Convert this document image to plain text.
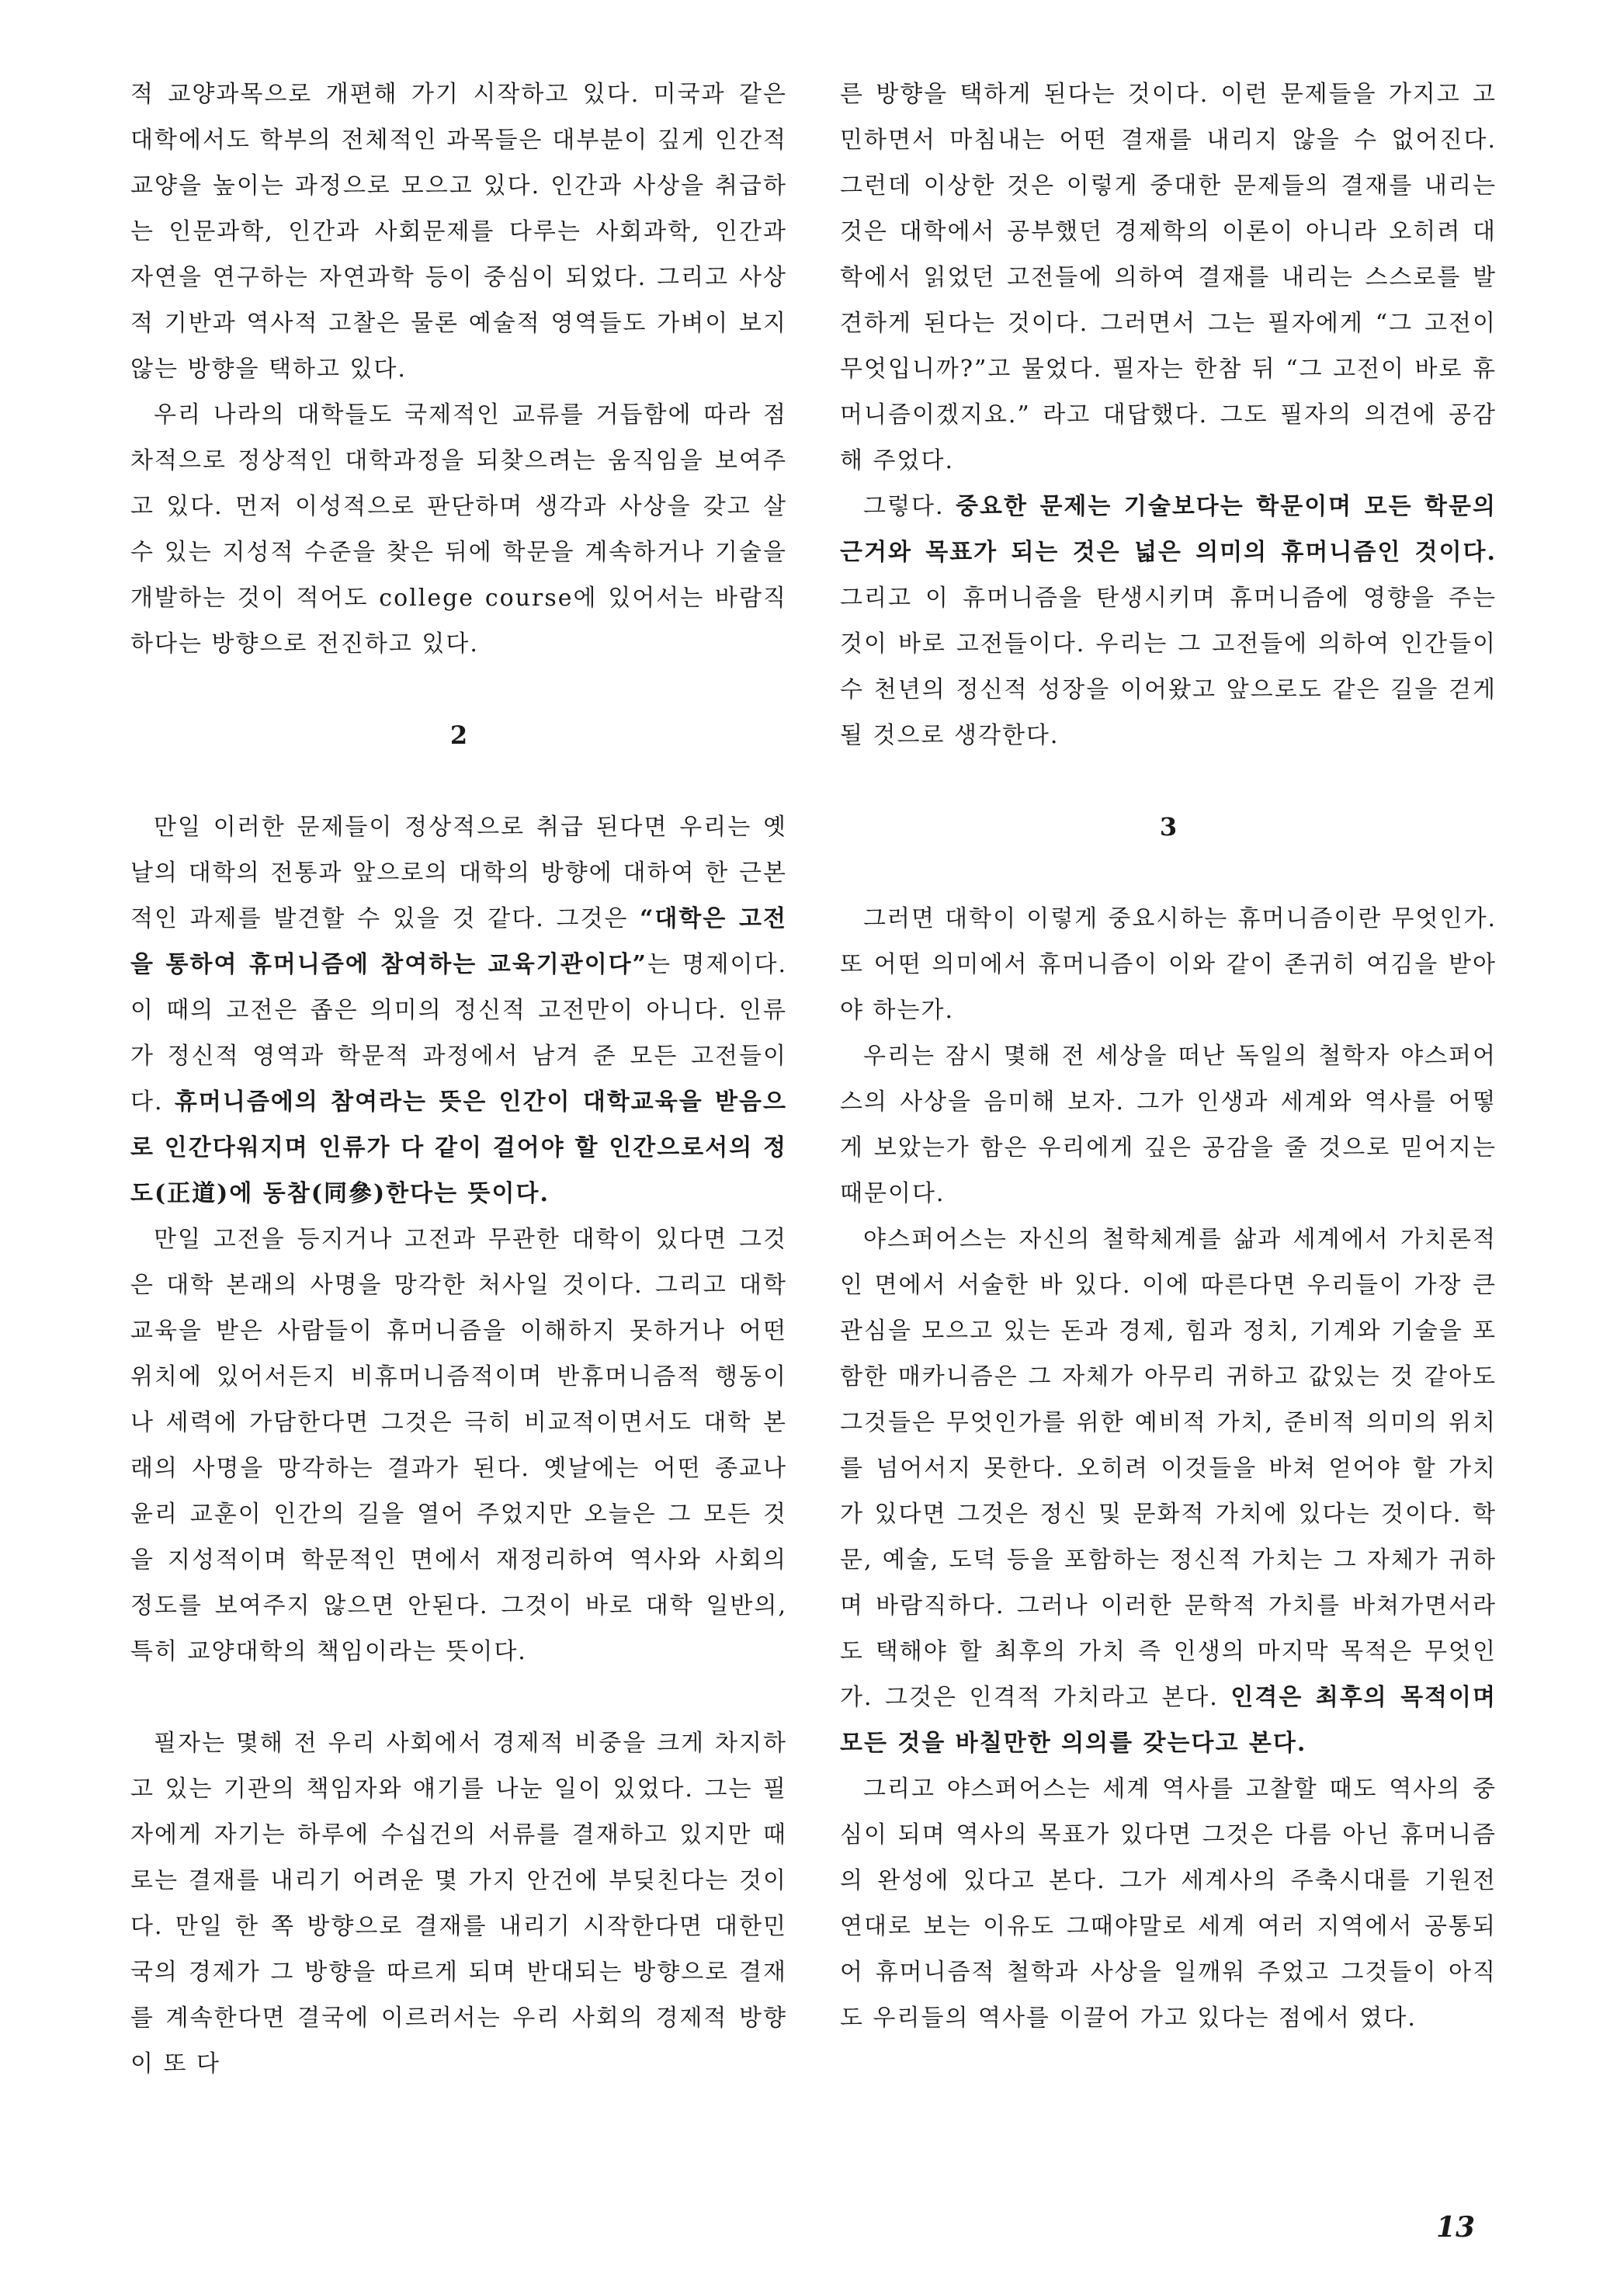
적 교양과목으로 개편해 가기 시작하고 있다. 미국과 같은 대학에서도 학부의 전체적인 과목들은 대부분이 깊게 인간적 교양을 높이는 과정으로 모으고 있다. 인간과 사상을 취급하는 인문과학, 인간과 사회문제를 다루는 사회과학, 인간과 자연을 연구하는 자연과학 등이 중심이 되었다. 그리고 사상적 기반과 역사적 고찰은 물론 예술적 영역들도 가벼이 보지 않는 방향을 택하고 있다.

우리 나라의 대학들도 국제적인 교류를 거듭함에 따라 점차적으로 정상적인 대학과정을 되찾으려는 움직임을 보여주고 있다. 먼저 이성적으로 판단하며 생각과 사상을 갖고 살 수 있는 지성적 수준을 찾은 뒤에 학문을 계속하거나 기술을 개발하는 것이 적어도 college course에 있어서는 바람직하다는 방향으로 전진하고 있다.

2

만일 이러한 문제들이 정상적으로 취급 된다면 우리는 옛날의 대학의 전통과 앞으로의 대학의 방향에 대하여 한 근본적인 과제를 발견할 수 있을 것 같다. 그것은 “대학은 고전을 통하여 휴머니즘에 참여하는 교육기관이다”는 명제이다. 이 때의 고전은 좁은 의미의 정신적 고전만이 아니다. 인류가 정신적 영역과 학문적 과정에서 남겨 준 모든 고전들이다. 휴머니즘에의 참여라는 뜻은 인간이 대학교육을 받음으로 인간다워지며 인류가 다 같이 걸어야 할 인간으로서의 정도(正道)에 동참(同參)한다는 뜻이다.

만일 고전을 등지거나 고전과 무관한 대학이 있다면 그것은 대학 본래의 사명을 망각한 처사일 것이다. 그리고 대학교육을 받은 사람들이 휴머니즘을 이해하지 못하거나 어떤 위치에 있어서든지 비휴머니즘적이며 반휴머니즘적 행동이나 세력에 가담한다면 그것은 극히 비교적이면서도 대학 본래의 사명을 망각하는 결과가 된다. 옛날에는 어떤 종교나 윤리 교훈이 인간의 길을 열어 주었지만 오늘은 그 모든 것을 지성적이며 학문적인 면에서 재정리하여 역사와 사회의 정도를 보여주지 않으면 안된다. 그것이 바로 대학 일반의, 특히 교양대학의 책임이라는 뜻이다.

필자는 몇해 전 우리 사회에서 경제적 비중을 크게 차지하고 있는 기관의 책임자와 얘기를 나눈 일이 있었다. 그는 필자에게 자기는 하루에 수십건의 서류를 결재하고 있지만 때로는 결재를 내리기 어려운 몇 가지 안건에 부딪친다는 것이다. 만일 한 쪽 방향으로 결재를 내리기 시작한다면 대한민국의 경제가 그 방향을 따르게 되며 반대되는 방향으로 결재를 계속한다면 결국에 이르러서는 우리 사회의 경제적 방향이 또 다

른 방향을 택하게 된다는 것이다. 이런 문제들을 가지고 고민하면서 마침내는 어떤 결재를 내리지 않을 수 없어진다. 그런데 이상한 것은 이렇게 중대한 문제들의 결재를 내리는 것은 대학에서 공부했던 경제학의 이론이 아니라 오히려 대학에서 읽었던 고전들에 의하여 결재를 내리는 스스로를 발견하게 된다는 것이다. 그러면서 그는 필자에게 “그 고전이 무엇입니까?”고 물었다. 필자는 한참 뒤 “그 고전이 바로 휴머니즘이겠지요.” 라고 대답했다. 그도 필자의 의견에 공감해 주었다.

그렇다. 중요한 문제는 기술보다는 학문이며 모든 학문의 근거와 목표가 되는 것은 넓은 의미의 휴머니즘인 것이다. 그리고 이 휴머니즘을 탄생시키며 휴머니즘에 영향을 주는 것이 바로 고전들이다. 우리는 그 고전들에 의하여 인간들이 수 천년의 정신적 성장을 이어왔고 앞으로도 같은 길을 걷게 될 것으로 생각한다.

3

그러면 대학이 이렇게 중요시하는 휴머니즘이란 무엇인가. 또 어떤 의미에서 휴머니즘이 이와 같이 존귀히 여김을 받아야 하는가.

우리는 잠시 몇해 전 세상을 떠난 독일의 철학자 야스퍼어스의 사상을 음미해 보자. 그가 인생과 세계와 역사를 어떻게 보았는가 함은 우리에게 깊은 공감을 줄 것으로 믿어지는 때문이다.

야스퍼어스는 자신의 철학체계를 삶과 세계에서 가치론적인 면에서 서술한 바 있다. 이에 따른다면 우리들이 가장 큰 관심을 모으고 있는 돈과 경제, 힘과 정치, 기계와 기술을 포함한 매카니즘은 그 자체가 아무리 귀하고 값있는 것 같아도 그것들은 무엇인가를 위한 예비적 가치, 준비적 의미의 위치를 넘어서지 못한다. 오히려 이것들을 바쳐 얻어야 할 가치가 있다면 그것은 정신 및 문화적 가치에 있다는 것이다. 학문, 예술, 도덕 등을 포함하는 정신적 가치는 그 자체가 귀하며 바람직하다. 그러나 이러한 문학적 가치를 바쳐가면서라도 택해야 할 최후의 가치 즉 인생의 마지막 목적은 무엇인가. 그것은 인격적 가치라고 본다. 인격은 최후의 목적이며 모든 것을 바칠만한 의의를 갖는다고 본다.

그리고 야스퍼어스는 세계 역사를 고찰할 때도 역사의 중심이 되며 역사의 목표가 있다면 그것은 다름 아닌 휴머니즘의 완성에 있다고 본다. 그가 세계사의 주축시대를 기원전 연대로 보는 이유도 그때야말로 세계 여러 지역에서 공통되어 휴머니즘적 철학과 사상을 일깨워 주었고 그것들이 아직도 우리들의 역사를 이끌어 가고 있다는 점에서 였다.

13
